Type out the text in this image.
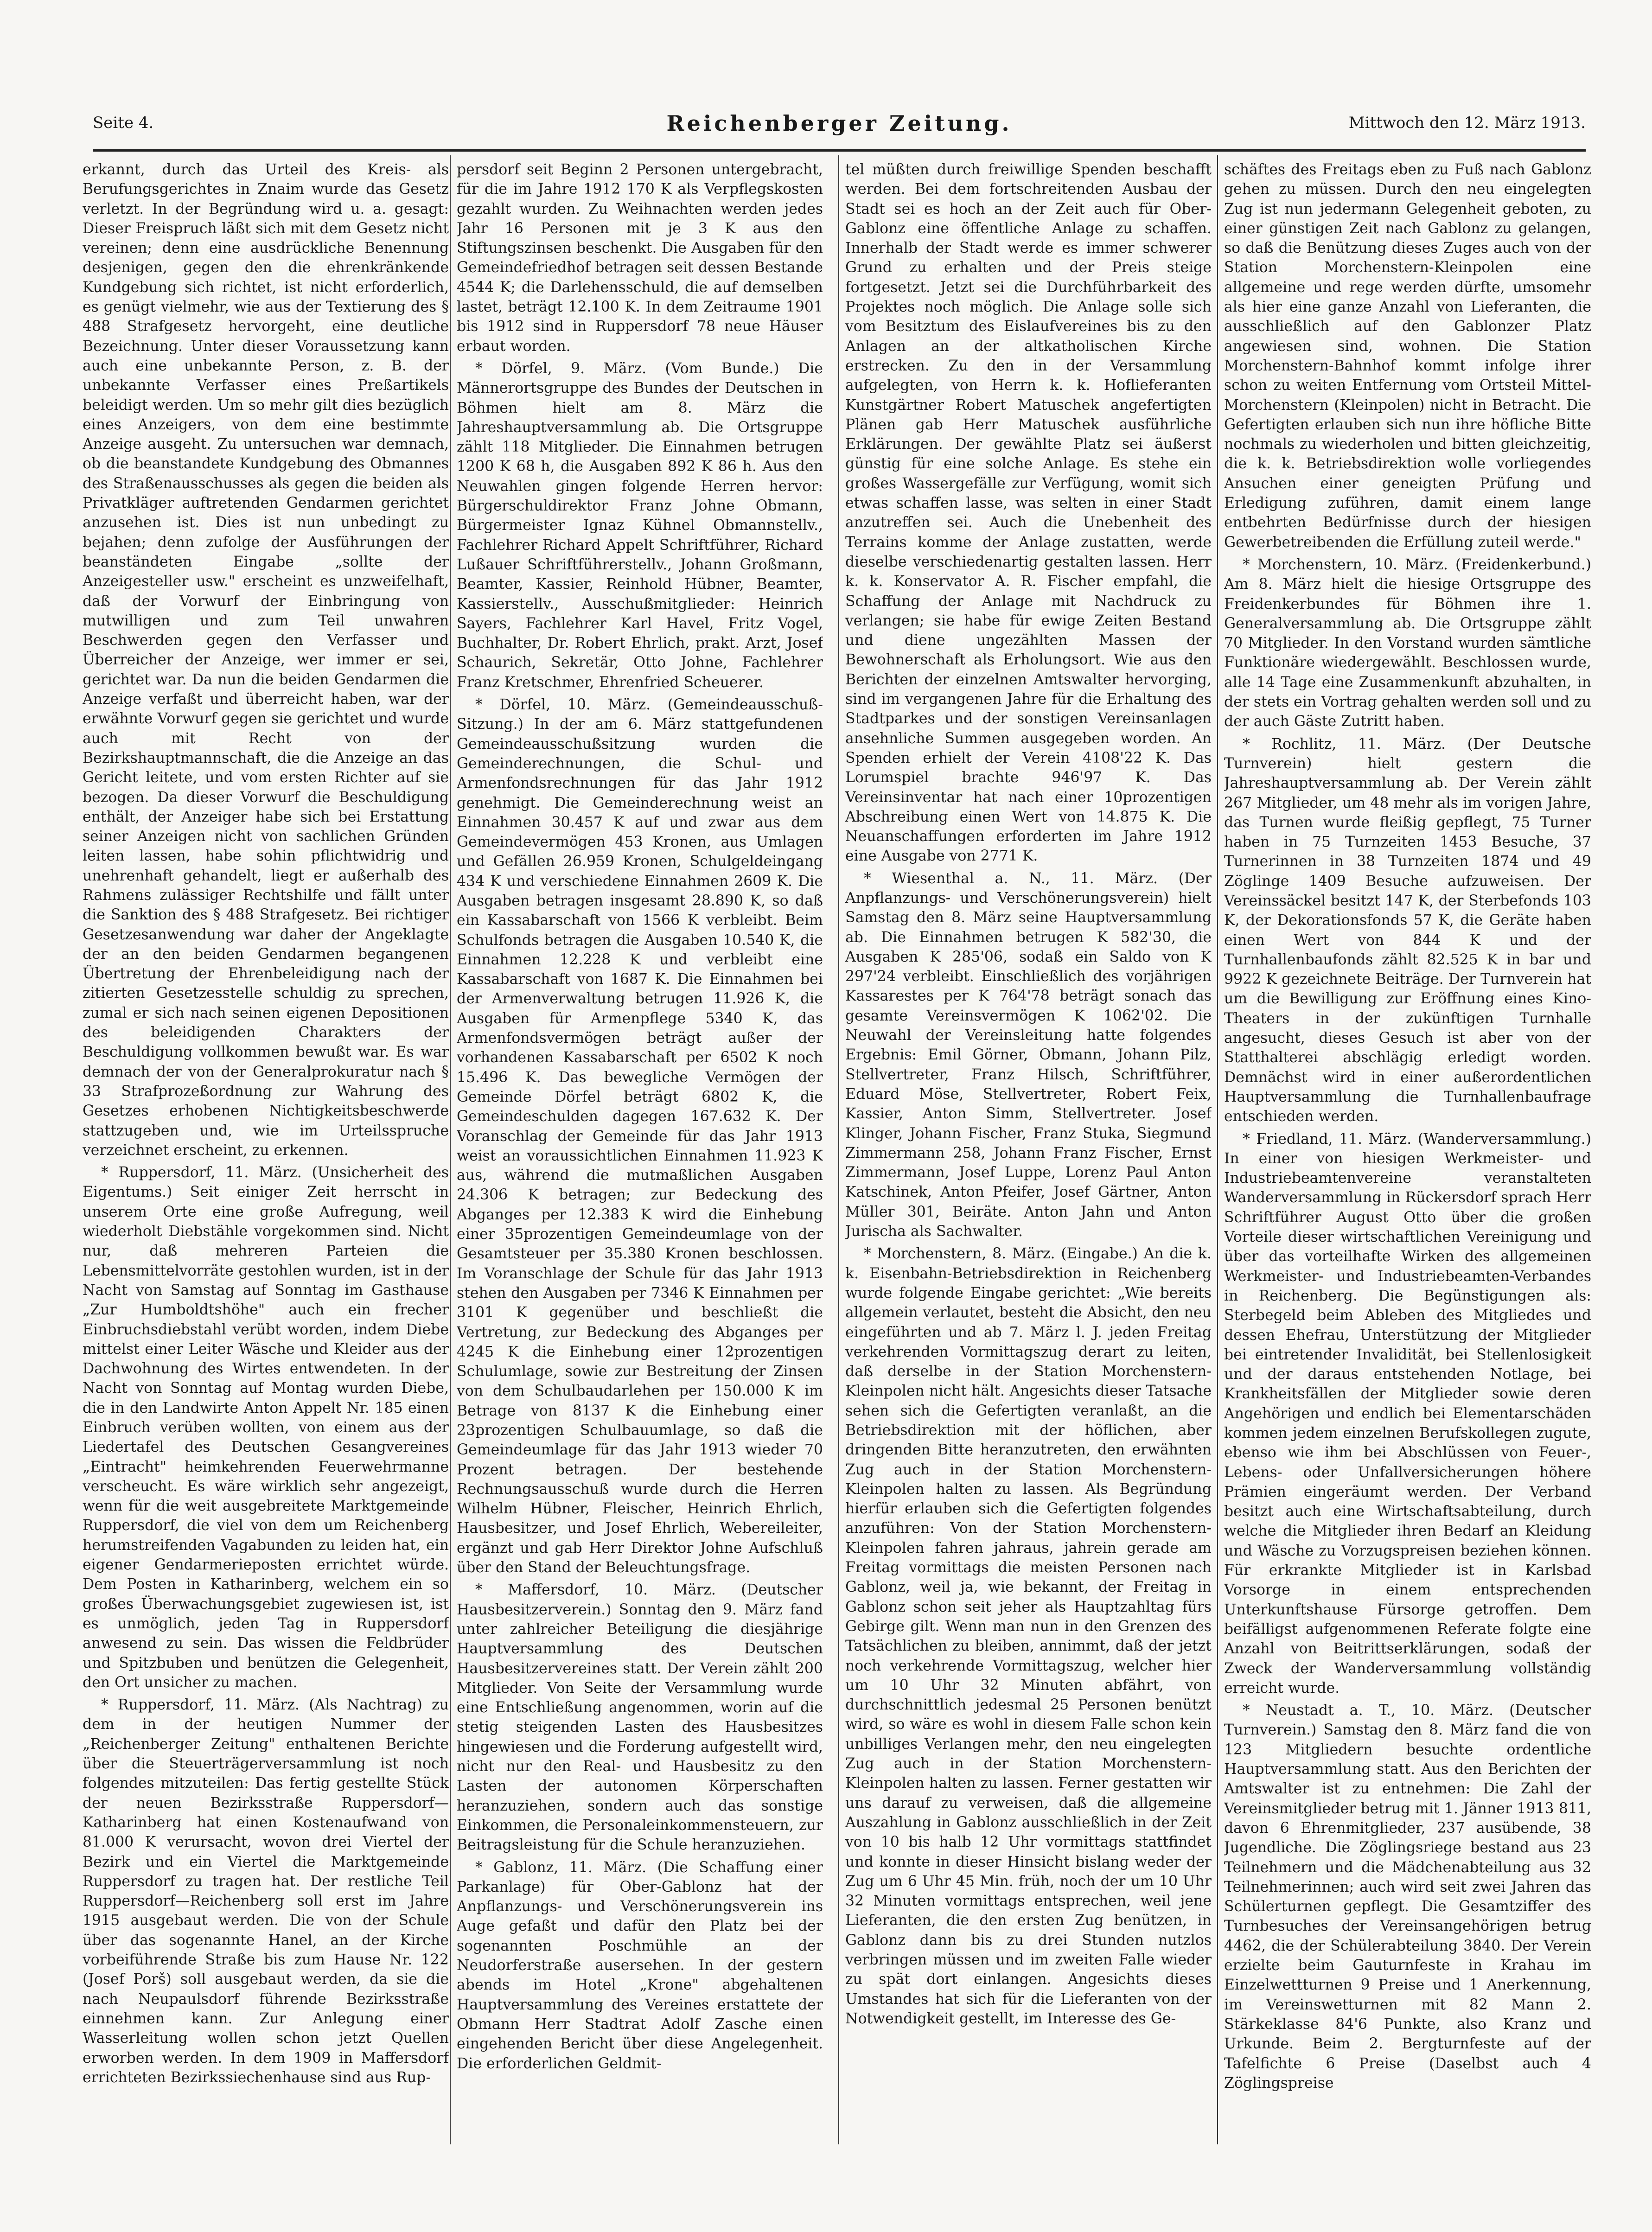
Seite 4.	Reichenberger Zeitung.	Mittwoch den 12. März 1913.

erkannt, durch das Urteil des Kreis- als Berufungsgerichtes in Znaim wurde das Gesetz verletzt. In der Begründung wird u. a. gesagt: Dieser Freispruch läßt sich mit dem Gesetz nicht vereinen; denn eine ausdrückliche Benennung desjenigen, gegen den die ehrenkränkende Kundgebung sich richtet, ist nicht erforderlich, es genügt vielmehr, wie aus der Textierung des § 488 Strafgesetz hervorgeht, eine deutliche Bezeichnung. Unter dieser Voraussetzung kann auch eine unbekannte Person, z. B. der unbekannte Verfasser eines Preßartikels beleidigt werden. Um so mehr gilt dies bezüglich eines Anzeigers, von dem eine bestimmte Anzeige ausgeht. Zu untersuchen war demnach, ob die beanstandete Kundgebung des Obmannes des Straßenausschusses als gegen die beiden als Privatkläger auftretenden Gendarmen gerichtet anzusehen ist. Dies ist nun unbedingt zu bejahen; denn zufolge der Ausführungen der beanständeten Eingabe „sollte der Anzeigesteller usw." erscheint es unzweifelhaft, daß der Vorwurf der Einbringung von mutwilligen und zum Teil unwahren Beschwerden gegen den Verfasser und Überreicher der Anzeige, wer immer er sei, gerichtet war. Da nun die beiden Gendarmen die Anzeige verfaßt und überreicht haben, war der erwähnte Vorwurf gegen sie gerichtet und wurde auch mit Recht von der Bezirkshauptmannschaft, die die Anzeige an das Gericht leitete, und vom ersten Richter auf sie bezogen. Da dieser Vorwurf die Beschuldigung enthält, der Anzeiger habe sich bei Erstattung seiner Anzeigen nicht von sachlichen Gründen leiten lassen, habe sohin pflichtwidrig und unehrenhaft gehandelt, liegt er außerhalb des Rahmens zulässiger Rechtshilfe und fällt unter die Sanktion des § 488 Strafgesetz. Bei richtiger Gesetzesanwendung war daher der Angeklagte der an den beiden Gendarmen begangenen Übertretung der Ehrenbeleidigung nach der zitierten Gesetzesstelle schuldig zu sprechen, zumal er sich nach seinen eigenen Depositionen des beleidigenden Charakters der Beschuldigung vollkommen bewußt war. Es war demnach der von der Generalprokuratur nach § 33 Strafprozeßordnung zur Wahrung des Gesetzes erhobenen Nichtigkeitsbeschwerde stattzugeben und, wie im Urteilsspruche verzeichnet erscheint, zu erkennen.

* Ruppersdorf, 11. März. (Unsicherheit des Eigentums.) Seit einiger Zeit herrscht in unserem Orte eine große Aufregung, weil wiederholt Diebstähle vorgekommen sind. Nicht nur, daß mehreren Parteien die Lebensmittelvorräte gestohlen wurden, ist in der Nacht von Samstag auf Sonntag im Gasthause „Zur Humboldtshöhe" auch ein frecher Einbruchsdiebstahl verübt worden, indem Diebe mittelst einer Leiter Wäsche und Kleider aus der Dachwohnung des Wirtes entwendeten. In der Nacht von Sonntag auf Montag wurden Diebe, die in den Landwirte Anton Appelt Nr. 185 einen Einbruch verüben wollten, von einem aus der Liedertafel des Deutschen Gesangvereines „Eintracht" heimkehrenden Feuerwehrmanne verscheucht. Es wäre wirklich sehr angezeigt, wenn für die weit ausgebreitete Marktgemeinde Ruppersdorf, die viel von dem um Reichenberg herumstreifenden Vagabunden zu leiden hat, ein eigener Gendarmerieposten errichtet würde. Dem Posten in Katharinberg, welchem ein so großes Überwachungsgebiet zugewiesen ist, ist es unmöglich, jeden Tag in Ruppersdorf anwesend zu sein. Das wissen die Feldbrüder und Spitzbuben und benützen die Gelegenheit, den Ort unsicher zu machen.

* Ruppersdorf, 11. März. (Als Nachtrag) zu dem in der heutigen Nummer der „Reichenberger Zeitung" enthaltenen Berichte über die Steuerträgerversammlung ist noch folgendes mitzuteilen: Das fertig gestellte Stück der neuen Bezirksstraße Ruppersdorf—Katharinberg hat einen Kostenaufwand von 81.000 K verursacht, wovon drei Viertel der Bezirk und ein Viertel die Marktgemeinde Ruppersdorf zu tragen hat. Der restliche Teil Ruppersdorf—Reichenberg soll erst im Jahre 1915 ausgebaut werden. Die von der Schule über das sogenannte Hanel, an der Kirche vorbeiführende Straße bis zum Hause Nr. 122 (Josef Porš) soll ausgebaut werden, da sie die nach Neupaulsdorf führende Bezirksstraße einnehmen kann. Zur Anlegung einer Wasserleitung wollen schon jetzt Quellen erworben werden. In dem 1909 in Maffersdorf errichteten Bezirkssiechenhause sind aus Rup-

persdorf seit Beginn 2 Personen untergebracht, für die im Jahre 1912 170 K als Verpflegskosten gezahlt wurden. Zu Weihnachten werden jedes Jahr 16 Personen mit je 3 K aus den Stiftungszinsen beschenkt. Die Ausgaben für den Gemeindefriedhof betragen seit dessen Bestande 4544 K; die Darlehensschuld, die auf demselben lastet, beträgt 12.100 K. In dem Zeitraume 1901 bis 1912 sind in Ruppersdorf 78 neue Häuser erbaut worden.

* Dörfel, 9. März. (Vom Bunde.) Die Männerortsgruppe des Bundes der Deutschen in Böhmen hielt am 8. März die Jahreshauptversammlung ab. Die Ortsgruppe zählt 118 Mitglieder. Die Einnahmen betrugen 1200 K 68 h, die Ausgaben 892 K 86 h. Aus den Neuwahlen gingen folgende Herren hervor: Bürgerschuldirektor Franz Johne Obmann, Bürgermeister Ignaz Kühnel Obmannstellv., Fachlehrer Richard Appelt Schriftführer, Richard Lußauer Schriftführerstellv., Johann Großmann, Beamter, Kassier, Reinhold Hübner, Beamter, Kassierstellv., Ausschußmitglieder: Heinrich Sayers, Fachlehrer Karl Havel, Fritz Vogel, Buchhalter, Dr. Robert Ehrlich, prakt. Arzt, Josef Schaurich, Sekretär, Otto Johne, Fachlehrer Franz Kretschmer, Ehrenfried Scheuerer.

* Dörfel, 10. März. (Gemeindeausschuß-Sitzung.) In der am 6. März stattgefundenen Gemeindeausschußsitzung wurden die Gemeinderechnungen, die Schul- und Armenfondsrechnungen für das Jahr 1912 genehmigt. Die Gemeinderechnung weist an Einnahmen 30.457 K auf und zwar aus dem Gemeindevermögen 453 Kronen, aus Umlagen und Gefällen 26.959 Kronen, Schulgeldeingang 434 K und verschiedene Einnahmen 2609 K. Die Ausgaben betragen insgesamt 28.890 K, so daß ein Kassabarschaft von 1566 K verbleibt. Beim Schulfonds betragen die Ausgaben 10.540 K, die Einnahmen 12.228 K und verbleibt eine Kassabarschaft von 1687 K. Die Einnahmen bei der Armenverwaltung betrugen 11.926 K, die Ausgaben für Armenpflege 5340 K, das Armenfondsvermögen beträgt außer der vorhandenen Kassabarschaft per 6502 K noch 15.496 K. Das bewegliche Vermögen der Gemeinde Dörfel beträgt 6802 K, die Gemeindeschulden dagegen 167.632 K. Der Voranschlag der Gemeinde für das Jahr 1913 weist an voraussichtlichen Einnahmen 11.923 K aus, während die mutmaßlichen Ausgaben 24.306 K betragen; zur Bedeckung des Abganges per 12.383 K wird die Einhebung einer 35prozentigen Gemeindeumlage von der Gesamtsteuer per 35.380 Kronen beschlossen. Im Voranschlage der Schule für das Jahr 1913 stehen den Ausgaben per 7346 K Einnahmen per 3101 K gegenüber und beschließt die Vertretung, zur Bedeckung des Abganges per 4245 K die Einhebung einer 12prozentigen Schulumlage, sowie zur Bestreitung der Zinsen von dem Schulbaudarlehen per 150.000 K im Betrage von 8137 K die Einhebung einer 23prozentigen Schulbauumlage, so daß die Gemeindeumlage für das Jahr 1913 wieder 70 Prozent betragen. Der bestehende Rechnungsausschuß wurde durch die Herren Wilhelm Hübner, Fleischer, Heinrich Ehrlich, Hausbesitzer, und Josef Ehrlich, Webereileiter, ergänzt und gab Herr Direktor Johne Aufschluß über den Stand der Beleuchtungsfrage.

* Maffersdorf, 10. März. (Deutscher Hausbesitzerverein.) Sonntag den 9. März fand unter zahlreicher Beteiligung die diesjährige Hauptversammlung des Deutschen Hausbesitzervereines statt. Der Verein zählt 200 Mitglieder. Von Seite der Versammlung wurde eine Entschließung angenommen, worin auf die stetig steigenden Lasten des Hausbesitzes hingewiesen und die Forderung aufgestellt wird, nicht nur den Real- und Hausbesitz zu den Lasten der autonomen Körperschaften heranzuziehen, sondern auch das sonstige Einkommen, die Personaleinkommensteuern, zur Beitragsleistung für die Schule heranzuziehen.

* Gablonz, 11. März. (Die Schaffung einer Parkanlage) für Ober-Gablonz hat der Anpflanzungs- und Verschönerungsverein ins Auge gefaßt und dafür den Platz bei der sogenannten Poschmühle an der Neudorferstraße ausersehen. In der gestern abends im Hotel „Krone" abgehaltenen Hauptversammlung des Vereines erstattete der Obmann Herr Stadtrat Adolf Zasche einen eingehenden Bericht über diese Angelegenheit. Die erforderlichen Geldmit-

tel müßten durch freiwillige Spenden beschafft werden. Bei dem fortschreitenden Ausbau der Stadt sei es hoch an der Zeit auch für Ober-Gablonz eine öffentliche Anlage zu schaffen. Innerhalb der Stadt werde es immer schwerer Grund zu erhalten und der Preis steige fortgesetzt. Jetzt sei die Durchführbarkeit des Projektes noch möglich. Die Anlage solle sich vom Besitztum des Eislaufvereines bis zu den Anlagen an der altkatholischen Kirche erstrecken. Zu den in der Versammlung aufgelegten, von Herrn k. k. Hoflieferanten Kunstgärtner Robert Matuschek angefertigten Plänen gab Herr Matuschek ausführliche Erklärungen. Der gewählte Platz sei äußerst günstig für eine solche Anlage. Es stehe ein großes Wassergefälle zur Verfügung, womit sich etwas schaffen lasse, was selten in einer Stadt anzutreffen sei. Auch die Unebenheit des Terrains komme der Anlage zustatten, werde dieselbe verschiedenartig gestalten lassen. Herr k. k. Konservator A. R. Fischer empfahl, die Schaffung der Anlage mit Nachdruck zu verlangen; sie habe für ewige Zeiten Bestand und diene ungezählten Massen der Bewohnerschaft als Erholungsort. Wie aus den Berichten der einzelnen Amtswalter hervorging, sind im vergangenen Jahre für die Erhaltung des Stadtparkes und der sonstigen Vereinsanlagen ansehnliche Summen ausgegeben worden. An Spenden erhielt der Verein 4108'22 K. Das Lorumspiel brachte 946'97 K. Das Vereinsinventar hat nach einer 10prozentigen Abschreibung einen Wert von 14.875 K. Die Neuanschaffungen erforderten im Jahre 1912 eine Ausgabe von 2771 K.

* Wiesenthal a. N., 11. März. (Der Anpflanzungs- und Verschönerungsverein) hielt Samstag den 8. März seine Hauptversammlung ab. Die Einnahmen betrugen K 582'30, die Ausgaben K 285'06, sodaß ein Saldo von K 297'24 verbleibt. Einschließlich des vorjährigen Kassarestes per K 764'78 beträgt sonach das gesamte Vereinsvermögen K 1062'02. Die Neuwahl der Vereinsleitung hatte folgendes Ergebnis: Emil Görner, Obmann, Johann Pilz, Stellvertreter, Franz Hilsch, Schriftführer, Eduard Möse, Stellvertreter, Robert Feix, Kassier, Anton Simm, Stellvertreter. Josef Klinger, Johann Fischer, Franz Stuka, Siegmund Zimmermann 258, Johann Franz Fischer, Ernst Zimmermann, Josef Luppe, Lorenz Paul Anton Katschinek, Anton Pfeifer, Josef Gärtner, Anton Müller 301, Beiräte. Anton Jahn und Anton Jurischa als Sachwalter.

* Morchenstern, 8. März. (Eingabe.) An die k. k. Eisenbahn-Betriebsdirektion in Reichenberg wurde folgende Eingabe gerichtet: „Wie bereits allgemein verlautet, besteht die Absicht, den neu eingeführten und ab 7. März l. J. jeden Freitag verkehrenden Vormittagszug derart zu leiten, daß derselbe in der Station Morchenstern-Kleinpolen nicht hält. Angesichts dieser Tatsache sehen sich die Gefertigten veranlaßt, an die Betriebsdirektion mit der höflichen, aber dringenden Bitte heranzutreten, den erwähnten Zug auch in der Station Morchenstern-Kleinpolen halten zu lassen. Als Begründung hierfür erlauben sich die Gefertigten folgendes anzuführen: Von der Station Morchenstern-Kleinpolen fahren jahraus, jahrein gerade am Freitag vormittags die meisten Personen nach Gablonz, weil ja, wie bekannt, der Freitag in Gablonz schon seit jeher als Hauptzahltag fürs Gebirge gilt. Wenn man nun in den Grenzen des Tatsächlichen zu bleiben, annimmt, daß der jetzt noch verkehrende Vormittagszug, welcher hier um 10 Uhr 32 Minuten abfährt, von durchschnittlich jedesmal 25 Personen benützt wird, so wäre es wohl in diesem Falle schon kein unbilliges Verlangen mehr, den neu eingelegten Zug auch in der Station Morchenstern-Kleinpolen halten zu lassen. Ferner gestatten wir uns darauf zu verweisen, daß die allgemeine Auszahlung in Gablonz ausschließlich in der Zeit von 10 bis halb 12 Uhr vormittags stattfindet und konnte in dieser Hinsicht bislang weder der Zug um 6 Uhr 45 Min. früh, noch der um 10 Uhr 32 Minuten vormittags entsprechen, weil jene Lieferanten, die den ersten Zug benützen, in Gablonz dann bis zu drei Stunden nutzlos verbringen müssen und im zweiten Falle wieder zu spät dort einlangen. Angesichts dieses Umstandes hat sich für die Lieferanten von der Notwendigkeit gestellt, im Interesse des Ge-

schäftes des Freitags eben zu Fuß nach Gablonz gehen zu müssen. Durch den neu eingelegten Zug ist nun jedermann Gelegenheit geboten, zu einer günstigen Zeit nach Gablonz zu gelangen, so daß die Benützung dieses Zuges auch von der Station Morchenstern-Kleinpolen eine allgemeine und rege werden dürfte, umsomehr als hier eine ganze Anzahl von Lieferanten, die ausschließlich auf den Gablonzer Platz angewiesen sind, wohnen. Die Station Morchenstern-Bahnhof kommt infolge ihrer schon zu weiten Entfernung vom Ortsteil Mittel-Morchenstern (Kleinpolen) nicht in Betracht. Die Gefertigten erlauben sich nun ihre höfliche Bitte nochmals zu wiederholen und bitten gleichzeitig, die k. k. Betriebsdirektion wolle vorliegendes Ansuchen einer geneigten Prüfung und Erledigung zuführen, damit einem lange entbehrten Bedürfnisse durch der hiesigen Gewerbetreibenden die Erfüllung zuteil werde."

* Morchenstern, 10. März. (Freidenkerbund.) Am 8. März hielt die hiesige Ortsgruppe des Freidenkerbundes für Böhmen ihre 1. Generalversammlung ab. Die Ortsgruppe zählt 70 Mitglieder. In den Vorstand wurden sämtliche Funktionäre wiedergewählt. Beschlossen wurde, alle 14 Tage eine Zusammenkunft abzuhalten, in der stets ein Vortrag gehalten werden soll und zu der auch Gäste Zutritt haben.

* Rochlitz, 11. März. (Der Deutsche Turnverein) hielt gestern die Jahreshauptversammlung ab. Der Verein zählt 267 Mitglieder, um 48 mehr als im vorigen Jahre, das Turnen wurde fleißig gepflegt, 75 Turner haben in 75 Turnzeiten 1453 Besuche, 37 Turnerinnen in 38 Turnzeiten 1874 und 49 Zöglinge 1409 Besuche aufzuweisen. Der Vereinssäckel besitzt 147 K, der Sterbefonds 103 K, der Dekorationsfonds 57 K, die Geräte haben einen Wert von 844 K und der Turnhallenbaufonds zählt 82.525 K in bar und 9922 K gezeichnete Beiträge. Der Turnverein hat um die Bewilligung zur Eröffnung eines Kino-Theaters in der zukünftigen Turnhalle angesucht, dieses Gesuch ist aber von der Statthalterei abschlägig erledigt worden. Demnächst wird in einer außerordentlichen Hauptversammlung die Turnhallenbaufrage entschieden werden.

* Friedland, 11. März. (Wanderversammlung.) In einer von hiesigen Werkmeister- und Industriebeamtenvereine veranstalteten Wanderversammlung in Rückersdorf sprach Herr Schriftführer August Otto über die großen Vorteile dieser wirtschaftlichen Vereinigung und über das vorteilhafte Wirken des allgemeinen Werkmeister- und Industriebeamten-Verbandes in Reichenberg. Die Begünstigungen als: Sterbegeld beim Ableben des Mitgliedes und dessen Ehefrau, Unterstützung der Mitglieder bei eintretender Invalidität, bei Stellenlosigkeit und der daraus entstehenden Notlage, bei Krankheitsfällen der Mitglieder sowie deren Angehörigen und endlich bei Elementarschäden kommen jedem einzelnen Berufskollegen zugute, ebenso wie ihm bei Abschlüssen von Feuer-, Lebens- oder Unfallversicherungen höhere Prämien eingeräumt werden. Der Verband besitzt auch eine Wirtschaftsabteilung, durch welche die Mitglieder ihren Bedarf an Kleidung und Wäsche zu Vorzugspreisen beziehen können. Für erkrankte Mitglieder ist in Karlsbad Vorsorge in einem entsprechenden Unterkunftshause Fürsorge getroffen. Dem beifälligst aufgenommenen Referate folgte eine Anzahl von Beitrittserklärungen, sodaß der Zweck der Wanderversammlung vollständig erreicht wurde.

* Neustadt a. T., 10. März. (Deutscher Turnverein.) Samstag den 8. März fand die von 123 Mitgliedern besuchte ordentliche Hauptversammlung statt. Aus den Berichten der Amtswalter ist zu entnehmen: Die Zahl der Vereinsmitglieder betrug mit 1. Jänner 1913 811, davon 6 Ehrenmitglieder, 237 ausübende, 38 Jugendliche. Die Zöglingsriege bestand aus 23 Teilnehmern und die Mädchenabteilung aus 32 Teilnehmerinnen; auch wird seit zwei Jahren das Schülerturnen gepflegt. Die Gesamtziffer des Turnbesuches der Vereinsangehörigen betrug 4462, die der Schülerabteilung 3840. Der Verein erzielte beim Gauturnfeste in Krahau im Einzelwettturnen 9 Preise und 1 Anerkennung, im Vereinswetturnen mit 82 Mann 2. Stärkeklasse 84'6 Punkte, also Kranz und Urkunde. Beim 2. Bergturnfeste auf der Tafelfichte 6 Preise (Daselbst auch 4 Zöglingspreise
